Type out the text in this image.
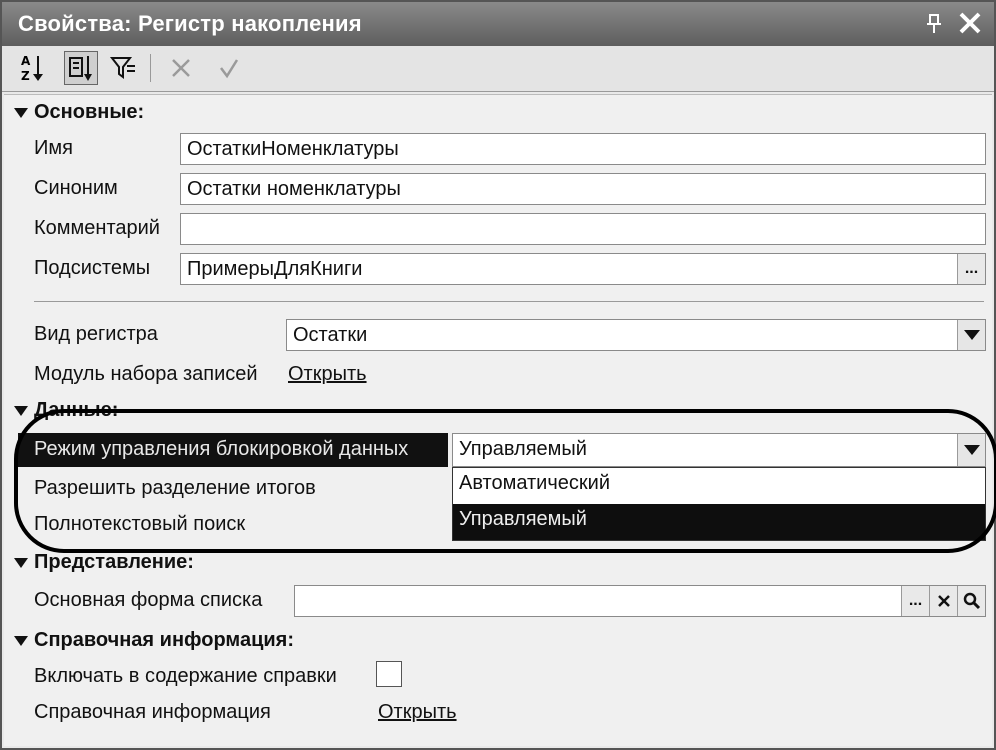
Свойства: Регистр накопления
A
Z
Основные:
Имя	ОстаткиНоменклатуры
Синоним	Остатки номенклатуры
Комментарий
Подсистемы	ПримерыДляКниги	...
Вид регистра	Остатки
Модуль набора записей Открыть
Данные:
Режим управления блокировкой данных	Управляемый
Разрешить разделение итогов
Полнотекстовый поиск
Автоматический
Управляемый
Представление:
Основная форма списка	...
Справочная информация:
Включать в содержание справки
Справочная информация	Открыть
